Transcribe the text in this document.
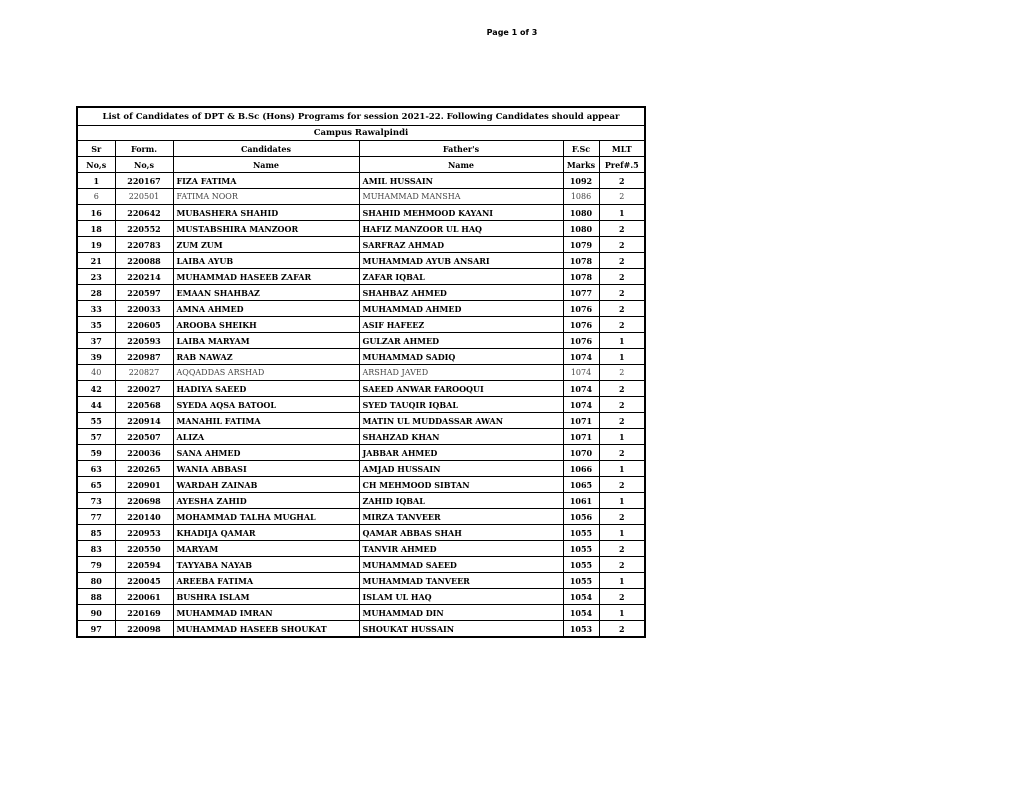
Page 1 of 3
List of Candidates of DPT & B.Sc (Hons) Programs for session 2021-22. Following Candidates should appear					
Campus Rawalpindi					
Sr	Form.	Candidates	Father's	F.Sc	MLT
No,s	No,s	Name	Name	Marks	Pref#.5
1	220167	FIZA FATIMA	AMIL HUSSAIN	1092	2
6	220501	FATIMA NOOR	MUHAMMAD MANSHA	1086	2
16	220642	MUBASHERA SHAHID	SHAHID MEHMOOD KAYANI	1080	1
18	220552	MUSTABSHIRA MANZOOR	HAFIZ MANZOOR UL HAQ	1080	2
19	220783	ZUM ZUM	SARFRAZ AHMAD	1079	2
21	220088	LAIBA AYUB	MUHAMMAD AYUB ANSARI	1078	2
23	220214	MUHAMMAD HASEEB ZAFAR	ZAFAR IQBAL	1078	2
28	220597	EMAAN SHAHBAZ	SHAHBAZ AHMED	1077	2
33	220033	AMNA AHMED	MUHAMMAD AHMED	1076	2
35	220605	AROOBA SHEIKH	ASIF HAFEEZ	1076	2
37	220593	LAIBA MARYAM	GULZAR AHMED	1076	1
39	220987	RAB NAWAZ	MUHAMMAD SADIQ	1074	1
40	220827	AQQADDAS ARSHAD	ARSHAD JAVED	1074	2
42	220027	HADIYA SAEED	SAEED ANWAR FAROOQUI	1074	2
44	220568	SYEDA AQSA BATOOL	SYED TAUQIR IQBAL	1074	2
55	220914	MANAHIL FATIMA	MATIN UL MUDDASSAR AWAN	1071	2
57	220507	ALIZA	SHAHZAD KHAN	1071	1
59	220036	SANA AHMED	JABBAR AHMED	1070	2
63	220265	WANIA ABBASI	AMJAD HUSSAIN	1066	1
65	220901	WARDAH ZAINAB	CH MEHMOOD SIBTAN	1065	2
73	220698	AYESHA ZAHID	ZAHID IQBAL	1061	1
77	220140	MOHAMMAD TALHA MUGHAL	MIRZA TANVEER	1056	2
85	220953	KHADIJA QAMAR	QAMAR ABBAS SHAH	1055	1
83	220550	MARYAM	TANVIR AHMED	1055	2
79	220594	TAYYABA NAYAB	MUHAMMAD SAEED	1055	2
80	220045	AREEBA FATIMA	MUHAMMAD TANVEER	1055	1
88	220061	BUSHRA ISLAM	ISLAM UL HAQ	1054	2
90	220169	MUHAMMAD IMRAN	MUHAMMAD DIN	1054	1
97	220098	MUHAMMAD HASEEB SHOUKAT	SHOUKAT HUSSAIN	1053	2
